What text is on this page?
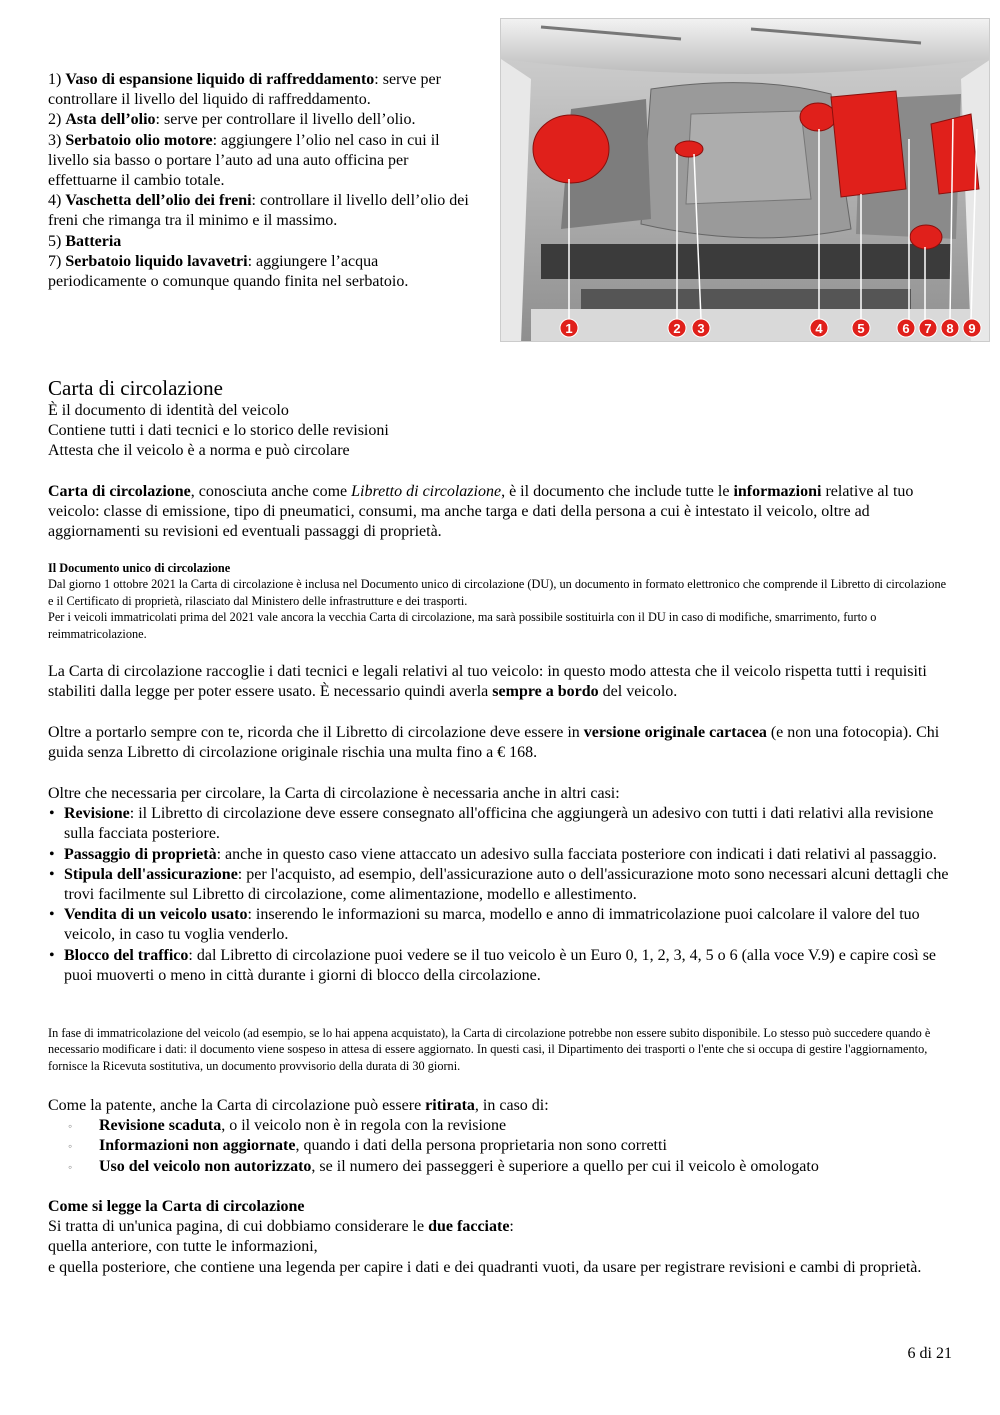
1) Vaso di espansione liquido di raffreddamento: serve per controllare il livello del liquido di raffreddamento.

2) Asta dell’olio: serve per controllare il livello dell’olio.

3) Serbatoio olio motore: aggiungere l’olio nel caso in cui il livello sia basso o portare l’auto ad una auto officina per effettuarne il cambio totale.

4) Vaschetta dell’olio dei freni: controllare il livello dell’olio dei freni che rimanga tra il minimo e il massimo.

5) Batteria

7) Serbatoio liquido lavavetri: aggiungere l’acqua periodicamente o comunque quando finita nel serbatoio.

1	2 3	4	5	6 7 8 9
Carta di circolazione
È il documento di identità del veicolo
Contiene tutti i dati tecnici e lo storico delle revisioni
Attesta che il veicolo è a norma e può circolare

Carta di circolazione, conosciuta anche come Libretto di circolazione, è il documento che include tutte le informazioni relative al tuo veicolo: classe di emissione, tipo di pneumatici, consumi, ma anche targa e dati della persona a cui è intestato il veicolo, oltre ad aggiornamenti su revisioni ed eventuali passaggi di proprietà.

Il Documento unico di circolazione

Dal giorno 1 ottobre 2021 la Carta di circolazione è inclusa nel Documento unico di circolazione (DU), un documento in formato elettronico che comprende il Libretto di circolazione e il Certificato di proprietà, rilasciato dal Ministero delle infrastrutture e dei trasporti.

Per i veicoli immatricolati prima del 2021 vale ancora la vecchia Carta di circolazione, ma sarà possibile sostituirla con il DU in caso di modifiche, smarrimento, furto o reimmatricolazione.

La Carta di circolazione raccoglie i dati tecnici e legali relativi al tuo veicolo: in questo modo attesta che il veicolo rispetta tutti i requisiti stabiliti dalla legge per poter essere usato. È necessario quindi averla sempre a bordo del veicolo.

Oltre a portarlo sempre con te, ricorda che il Libretto di circolazione deve essere in versione originale cartacea (e non una fotocopia). Chi guida senza Libretto di circolazione originale rischia una multa fino a € 168.

Oltre che necessaria per circolare, la Carta di circolazione è necessaria anche in altri casi:

• Revisione: il Libretto di circolazione deve essere consegnato all'officina che aggiungerà un adesivo con tutti i dati relativi alla revisione sulla facciata posteriore.
• Passaggio di proprietà: anche in questo caso viene attaccato un adesivo sulla facciata posteriore con indicati i dati relativi al passaggio.
• Stipula dell'assicurazione: per l'acquisto, ad esempio, dell'assicurazione auto o dell'assicurazione moto sono necessari alcuni dettagli che trovi facilmente sul Libretto di circolazione, come alimentazione, modello e allestimento.
• Vendita di un veicolo usato: inserendo le informazioni su marca, modello e anno di immatricolazione puoi calcolare il valore del tuo veicolo, in caso tu voglia venderlo.
• Blocco del traffico: dal Libretto di circolazione puoi vedere se il tuo veicolo è un Euro 0, 1, 2, 3, 4, 5 o 6 (alla voce V.9) e capire così se puoi muoverti o meno in città durante i giorni di blocco della circolazione.

In fase di immatricolazione del veicolo (ad esempio, se lo hai appena acquistato), la Carta di circolazione potrebbe non essere subito disponibile. Lo stesso può succedere quando è necessario modificare i dati: il documento viene sospeso in attesa di essere aggiornato. In questi casi, il Dipartimento dei trasporti o l'ente che si occupa di gestire l'aggiornamento, fornisce la Ricevuta sostitutiva, un documento provvisorio della durata di 30 giorni.

Come la patente, anche la Carta di circolazione può essere ritirata, in caso di:

◦ Revisione scaduta, o il veicolo non è in regola con la revisione
◦ Informazioni non aggiornate, quando i dati della persona proprietaria non sono corretti
◦ Uso del veicolo non autorizzato, se il numero dei passeggeri è superiore a quello per cui il veicolo è omologato

Come si legge la Carta di circolazione

Si tratta di un'unica pagina, di cui dobbiamo considerare le due facciate:

quella anteriore, con tutte le informazioni,

e quella posteriore, che contiene una legenda per capire i dati e dei quadranti vuoti, da usare per registrare revisioni e cambi di proprietà.

6 di 21
